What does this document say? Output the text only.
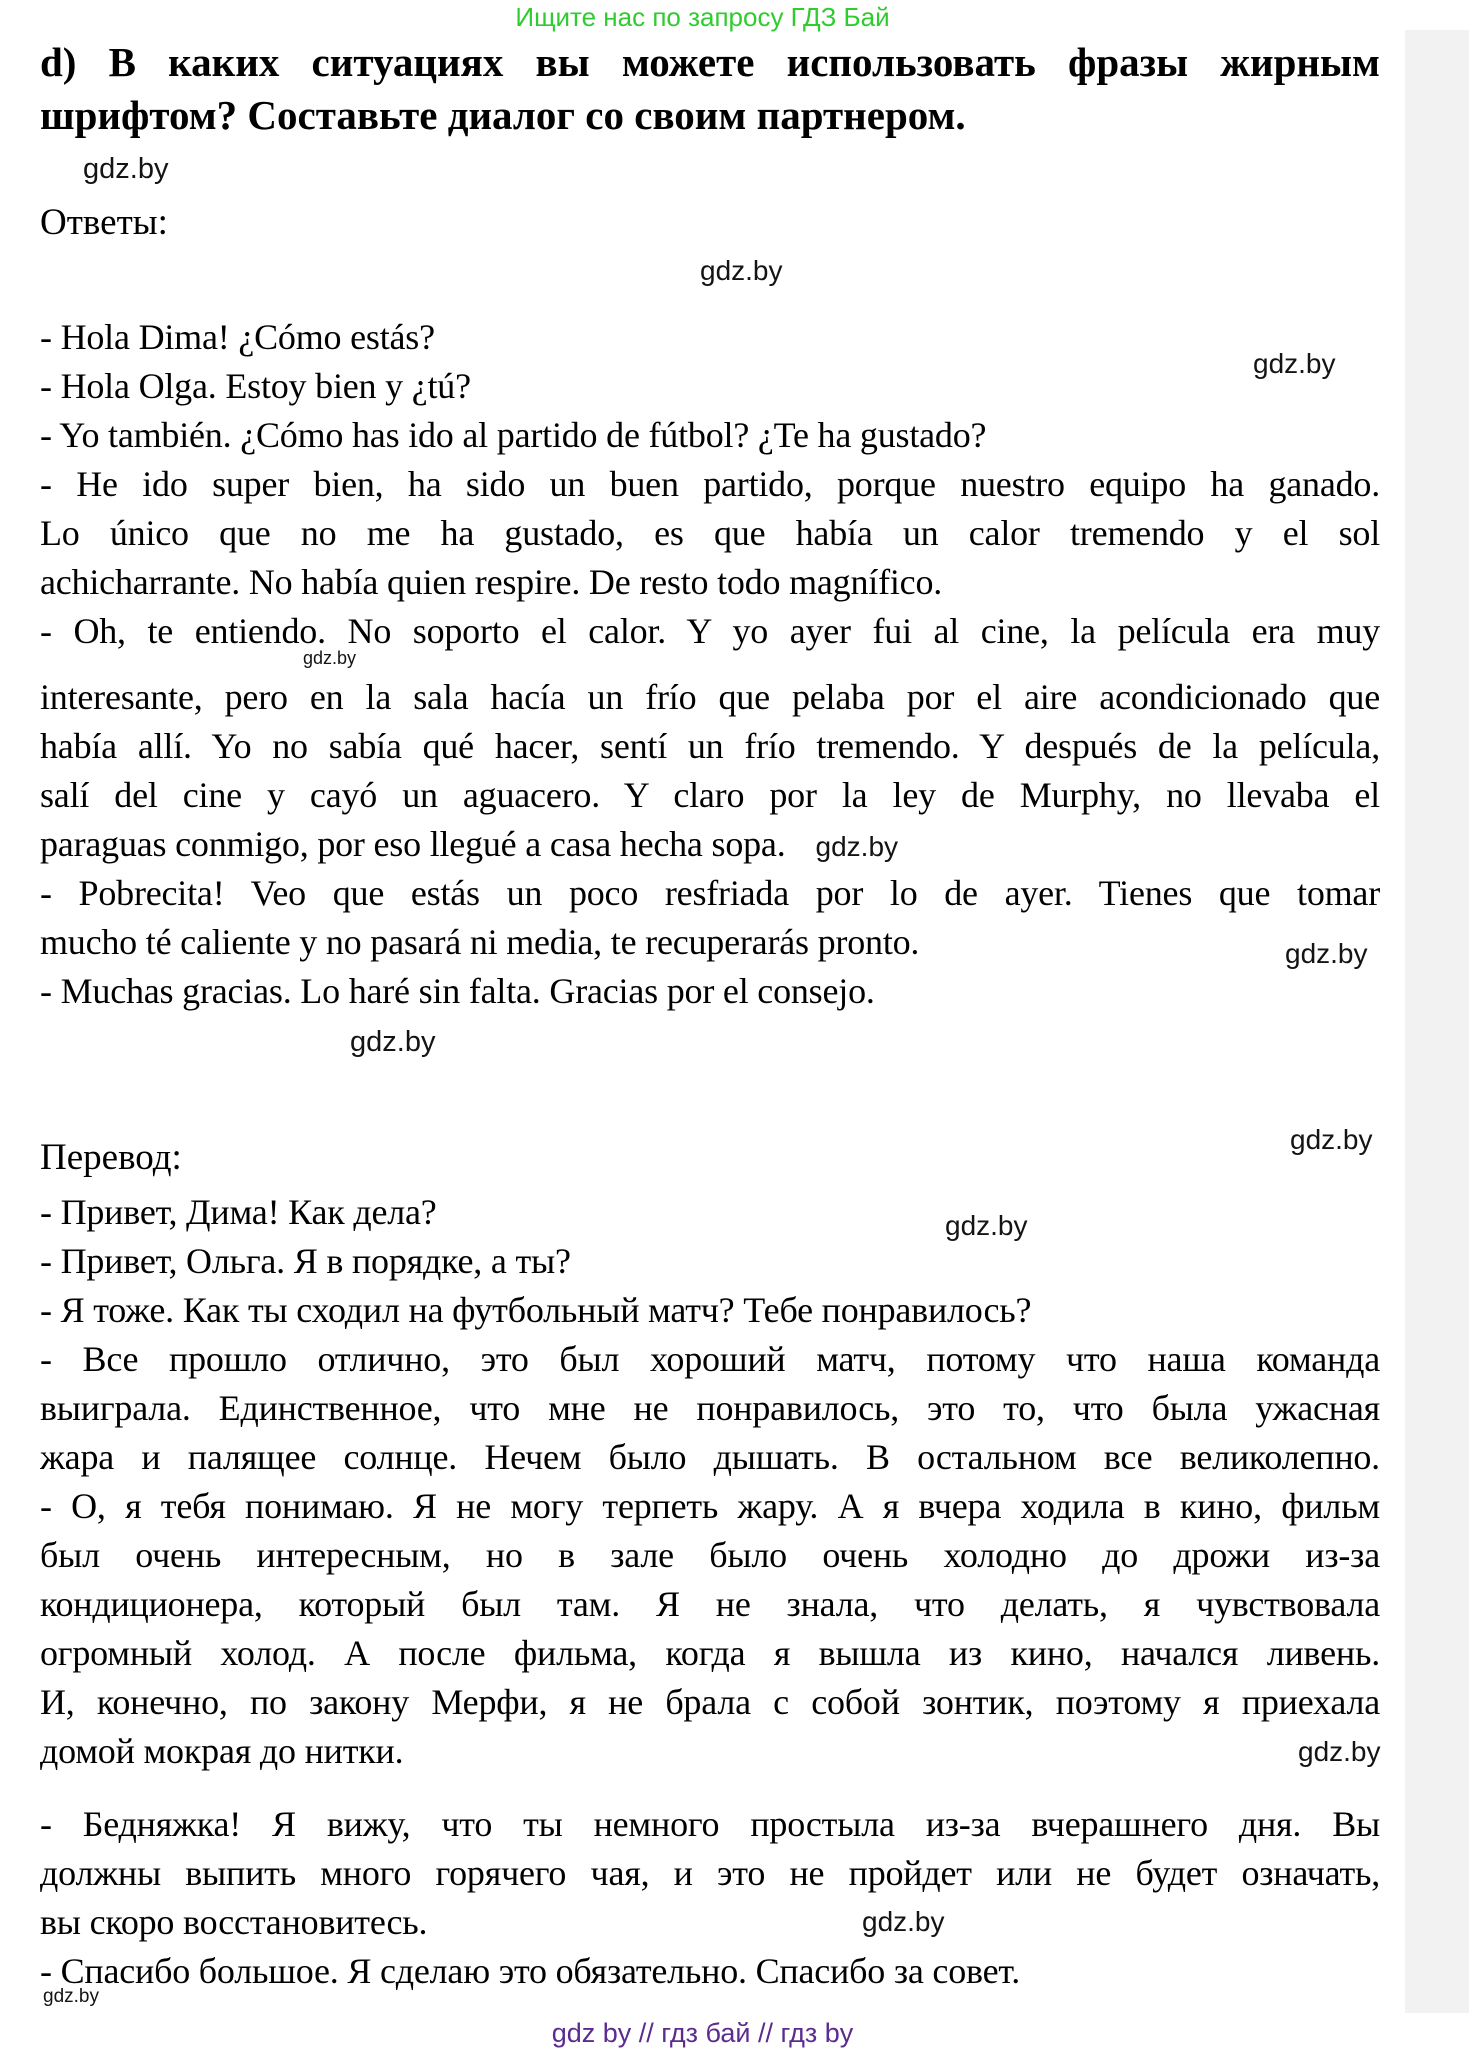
Ищите нас по запросу ГДЗ Бай
d) В каких ситуациях вы можете использовать фразы жирным
шрифтом? Составьте диалог со своим партнером.
Ответы:
- Hola Dima! ¿Cómo estás?
- Hola Olga. Estoy bien y ¿tú?
- Yo también. ¿Cómo has ido al partido de fútbol? ¿Te ha gustado?
- He ido super bien, ha sido un buen partido, porque nuestro equipo ha ganado.
Lo único que no me ha gustado, es que había un calor tremendo y el sol
achicharrante. No había quien respire. De resto todo magnífico.
- Oh, te entiendo. No soporto el calor. Y yo ayer fui al cine, la película era muy
interesante, pero en la sala hacía un frío que pelaba por el aire acondicionado que
había allí. Yo no sabía qué hacer, sentí un frío tremendo. Y después de la película,
salí del cine y cayó un aguacero. Y claro por la ley de Murphy, no llevaba el
paraguas conmigo, por eso llegué a casa hecha sopa. gdz.by
- Pobrecita! Veo que estás un poco resfriada por lo de ayer. Tienes que tomar
mucho té caliente y no pasará ni media, te recuperarás pronto.
- Muchas gracias. Lo haré sin falta. Gracias por el consejo.
Перевод:
- Привет, Дима! Как дела?
- Привет, Ольга. Я в порядке, а ты?
- Я тоже. Как ты сходил на футбольный матч? Тебе понравилось?
- Все прошло отлично, это был хороший матч, потому что наша команда
выиграла. Единственное, что мне не понравилось, это то, что была ужасная
жара и палящее солнце. Нечем было дышать. В остальном все великолепно.
- О, я тебя понимаю. Я не могу терпеть жару. А я вчера ходила в кино, фильм
был очень интересным, но в зале было очень холодно до дрожи из-за
кондиционера, который был там. Я не знала, что делать, я чувствовала
огромный холод. А после фильма, когда я вышла из кино, начался ливень.
И, конечно, по закону Мерфи, я не брала с собой зонтик, поэтому я приехала
домой мокрая до нитки.
- Бедняжка! Я вижу, что ты немного простыла из-за вчерашнего дня. Вы
должны выпить много горячего чая, и это не пройдет или не будет означать,
вы скоро восстановитесь.
- Спасибо большое. Я сделаю это обязательно. Спасибо за совет.
gdz.by
gdz.by
gdz.by
gdz.by
gdz.by
gdz.by
gdz.by
gdz.by
gdz.by
gdz.by
gdz.by
gdz by // гдз бай // гдз by
